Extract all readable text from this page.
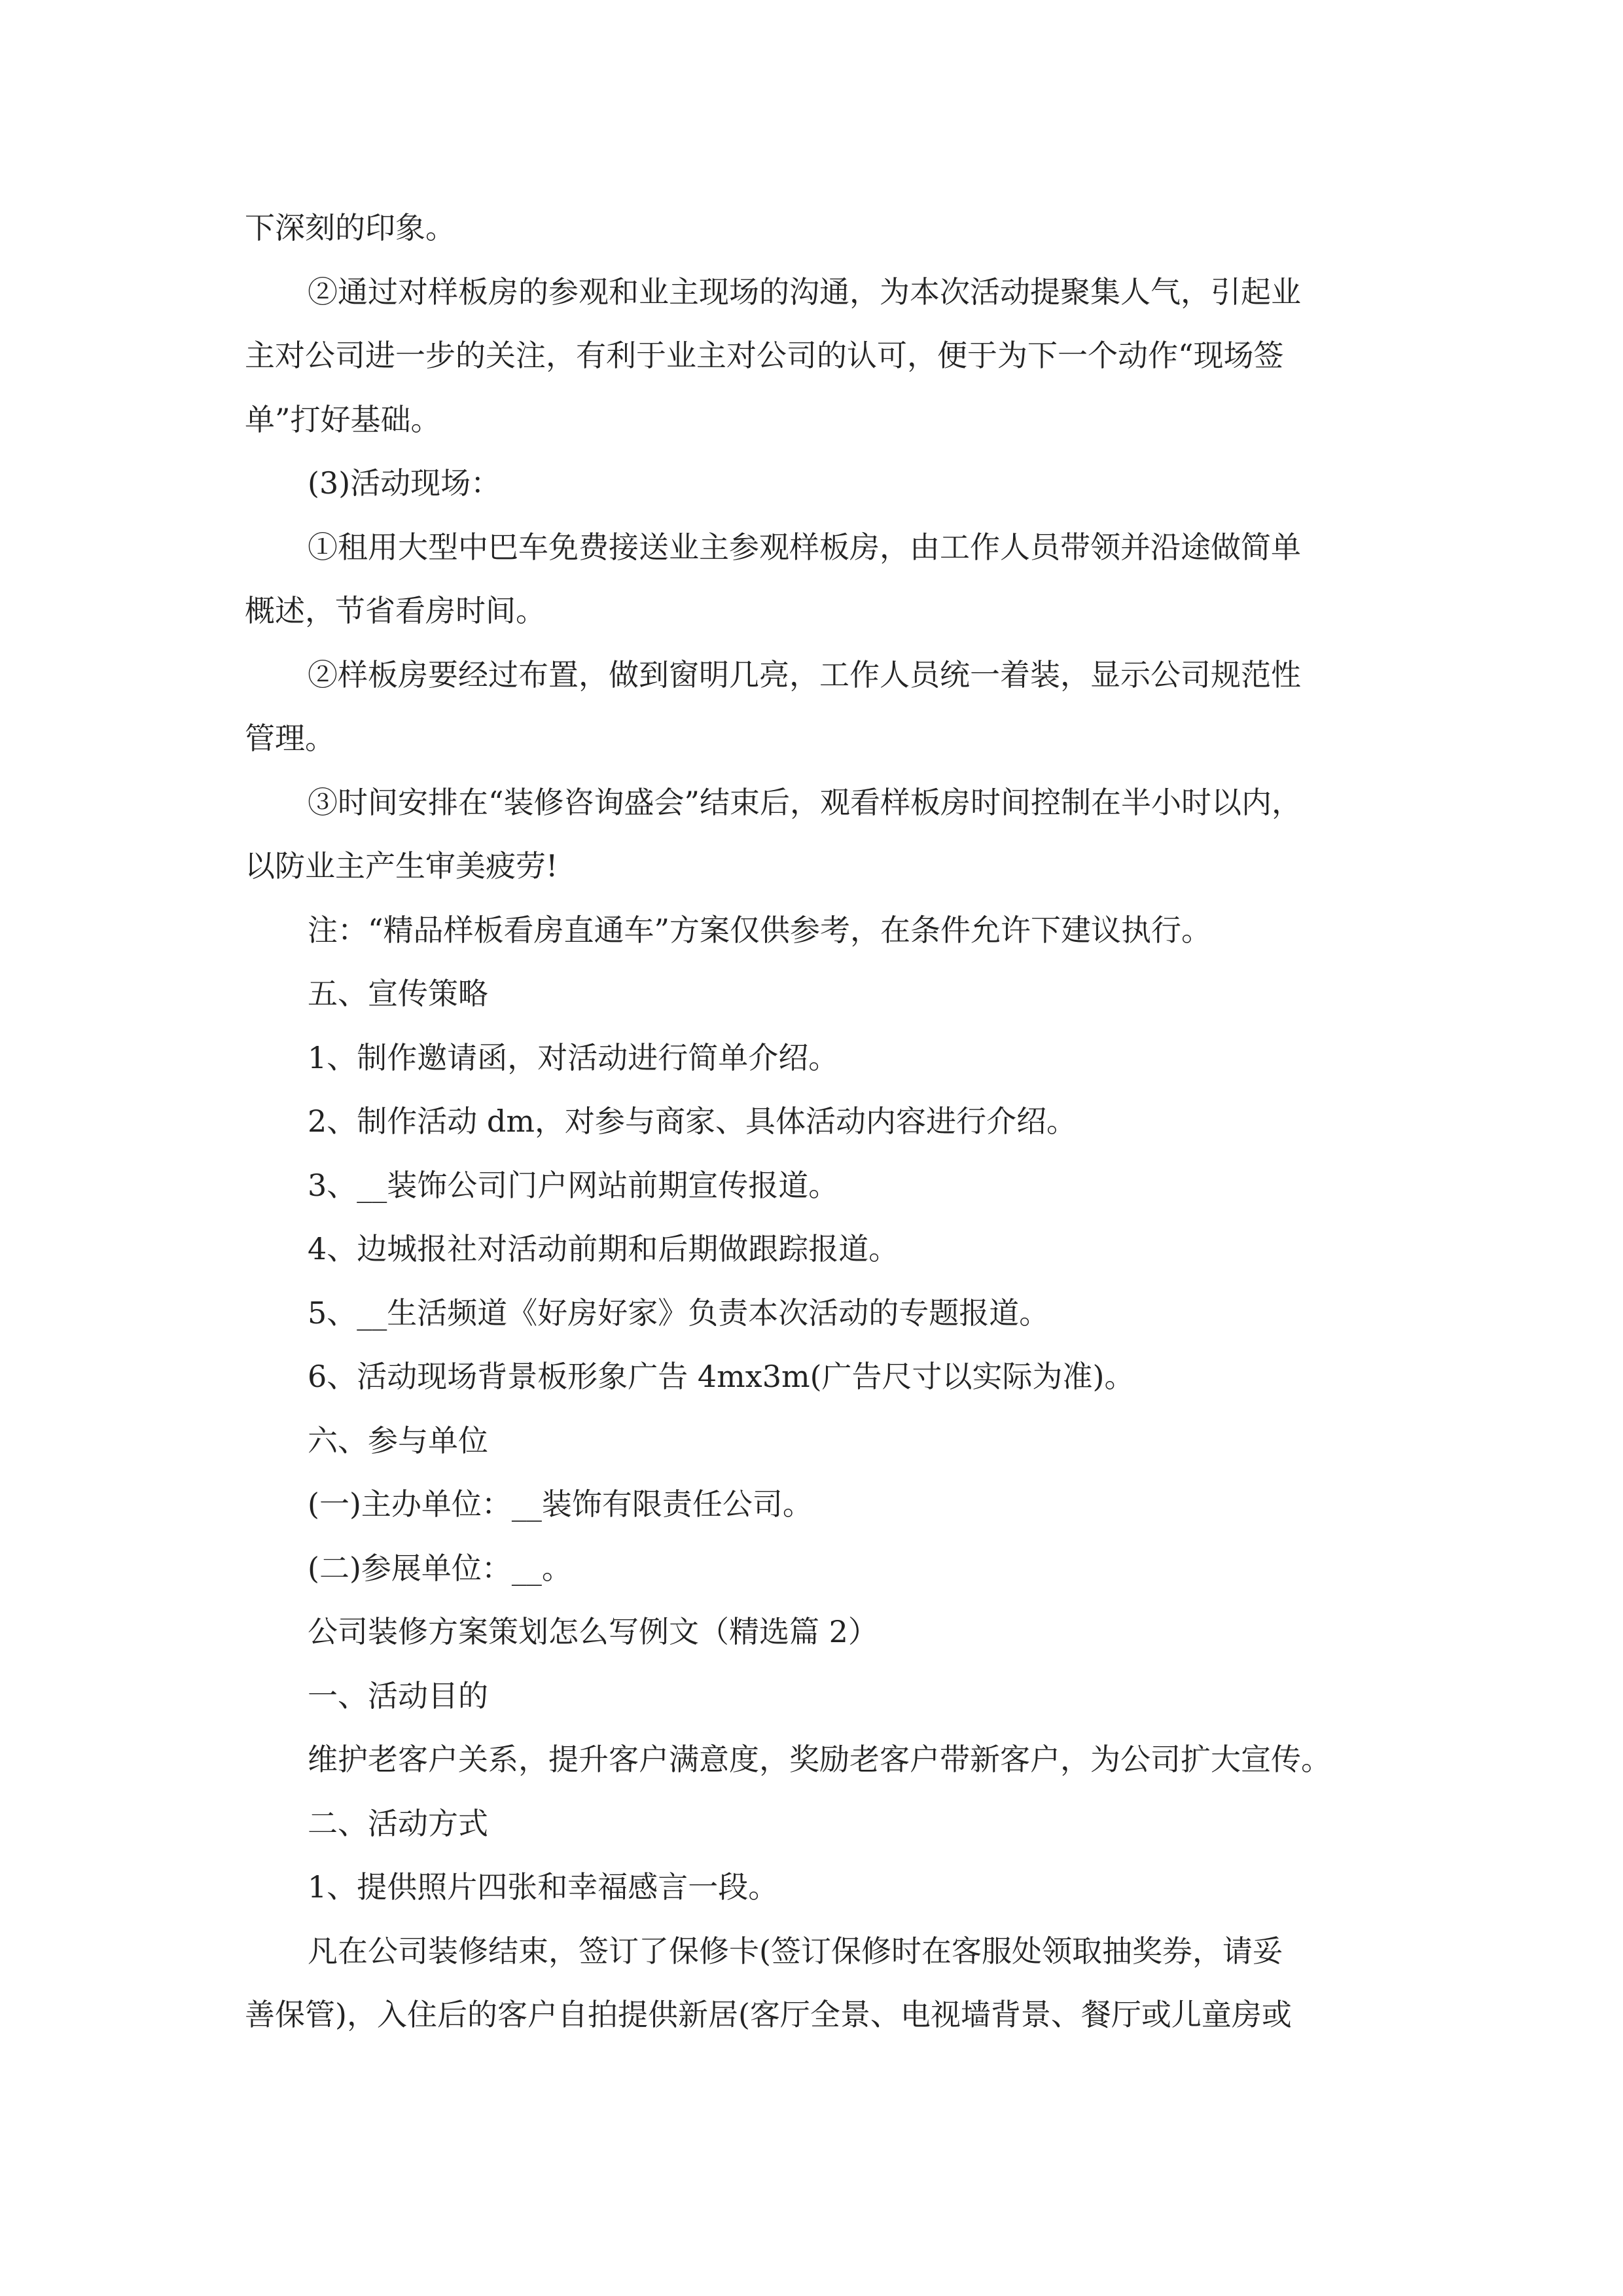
下深刻的印象。

②通过对样板房的参观和业主现场的沟通，为本次活动提聚集人气，引起业

主对公司进一步的关注，有利于业主对公司的认可，便于为下一个动作“现场签

单”打好基础。

(3)活动现场：

①租用大型中巴车免费接送业主参观样板房，由工作人员带领并沿途做简单

概述，节省看房时间。

②样板房要经过布置，做到窗明几亮，工作人员统一着装，显示公司规范性

管理。

③时间安排在“装修咨询盛会”结束后，观看样板房时间控制在半小时以内，

以防业主产生审美疲劳!

注：“精品样板看房直通车”方案仅供参考，在条件允许下建议执行。

五、宣传策略

1、制作邀请函，对活动进行简单介绍。

2、制作活动 dm，对参与商家、具体活动内容进行介绍。

3、__装饰公司门户网站前期宣传报道。

4、边城报社对活动前期和后期做跟踪报道。

5、__生活频道《好房好家》负责本次活动的专题报道。

6、活动现场背景板形象广告 4mx3m(广告尺寸以实际为准)。

六、参与单位

(一)主办单位：__装饰有限责任公司。

(二)参展单位：__。

公司装修方案策划怎么写例文（精选篇 2）

一、活动目的

维护老客户关系，提升客户满意度，奖励老客户带新客户，为公司扩大宣传。

二、活动方式

1、提供照片四张和幸福感言一段。

凡在公司装修结束，签订了保修卡(签订保修时在客服处领取抽奖券，请妥

善保管)，入住后的客户自拍提供新居(客厅全景、电视墙背景、餐厅或儿童房或
